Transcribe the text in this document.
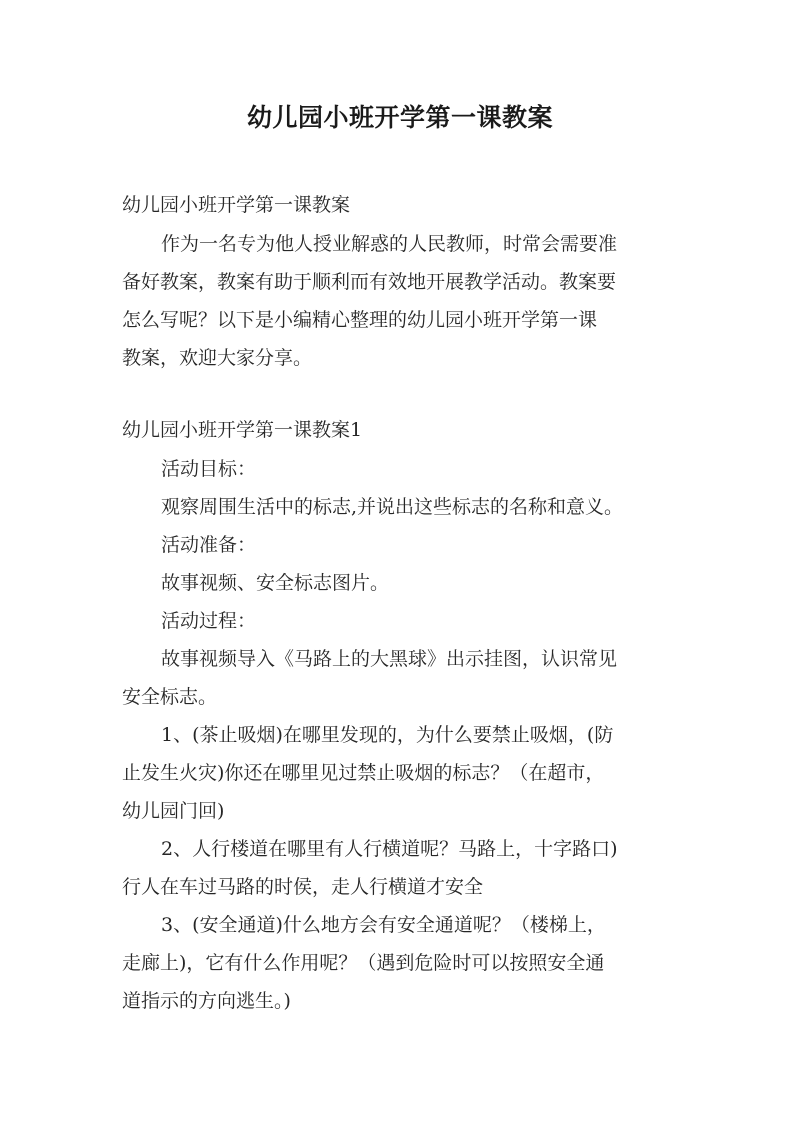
幼儿园小班开学第一课教案
幼儿园小班开学第一课教案
作为一名专为他人授业解惑的人民教师，时常会需要准
备好教案，教案有助于顺利而有效地开展教学活动。教案要
怎么写呢？以下是小编精心整理的幼儿园小班开学第一课
教案，欢迎大家分享。
幼儿园小班开学第一课教案1
活动目标：
观察周围生活中的标志,并说出这些标志的名称和意义。
活动准备：
故事视频、安全标志图片。
活动过程：
故事视频导入《马路上的大黑球》出示挂图，认识常见
安全标志。
1、(茶止吸烟)在哪里发现的，为什么要禁止吸烟，(防
止发生火灾)你还在哪里见过禁止吸烟的标志？（在超市，
幼儿园门回)
2、人行楼道在哪里有人行横道呢？马路上，十字路口)
行人在车过马路的时侯，走人行横道才安全
3、(安全通道)什么地方会有安全通道呢？（楼梯上，
走廊上)，它有什么作用呢？（遇到危险时可以按照安全通
道指示的方向逃生。)
